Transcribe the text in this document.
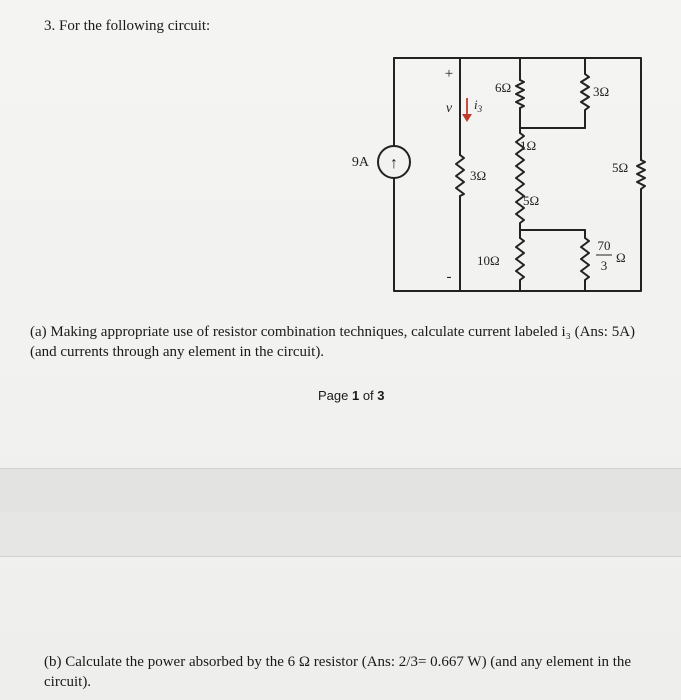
3. For the following circuit:
↑
9A
+
v
-
$i_3$
3Ω
6Ω
1Ω
5Ω
10Ω
3Ω
5Ω
70
3
Ω
(a) Making appropriate use of resistor combination techniques, calculate current labeled i₃ (Ans: 5A) (and currents through any element in the circuit).
Page 1 of 3
(b) Calculate the power absorbed by the 6 Ω resistor (Ans: 2/3= 0.667 W) (and any element in the circuit).
